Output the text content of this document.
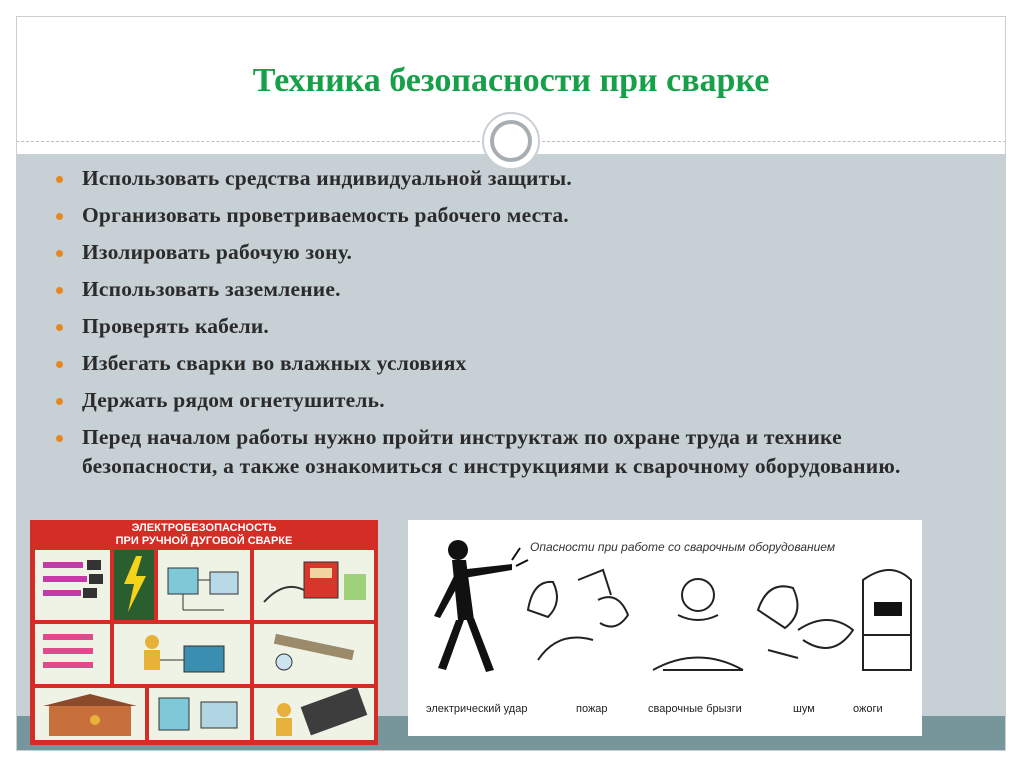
Техника безопасности при сварке
Использовать средства индивидуальной защиты.
Организовать проветриваемость рабочего места.
Изолировать рабочую зону.
Использовать заземление.
Проверять кабели.
Избегать сварки во влажных условиях
Держать рядом огнетушитель.
Перед началом работы нужно пройти инструктаж по охране труда и технике безопасности, а также ознакомиться с инструкциями к сварочному оборудованию.
ЭЛЕКТРОБЕЗОПАСНОСТЬ
ПРИ РУЧНОЙ ДУГОВОЙ СВАРКЕ	Опасности при работе со сварочным оборудованием
электрический удар	пожар	сварочные брызги	шум	ожоги
